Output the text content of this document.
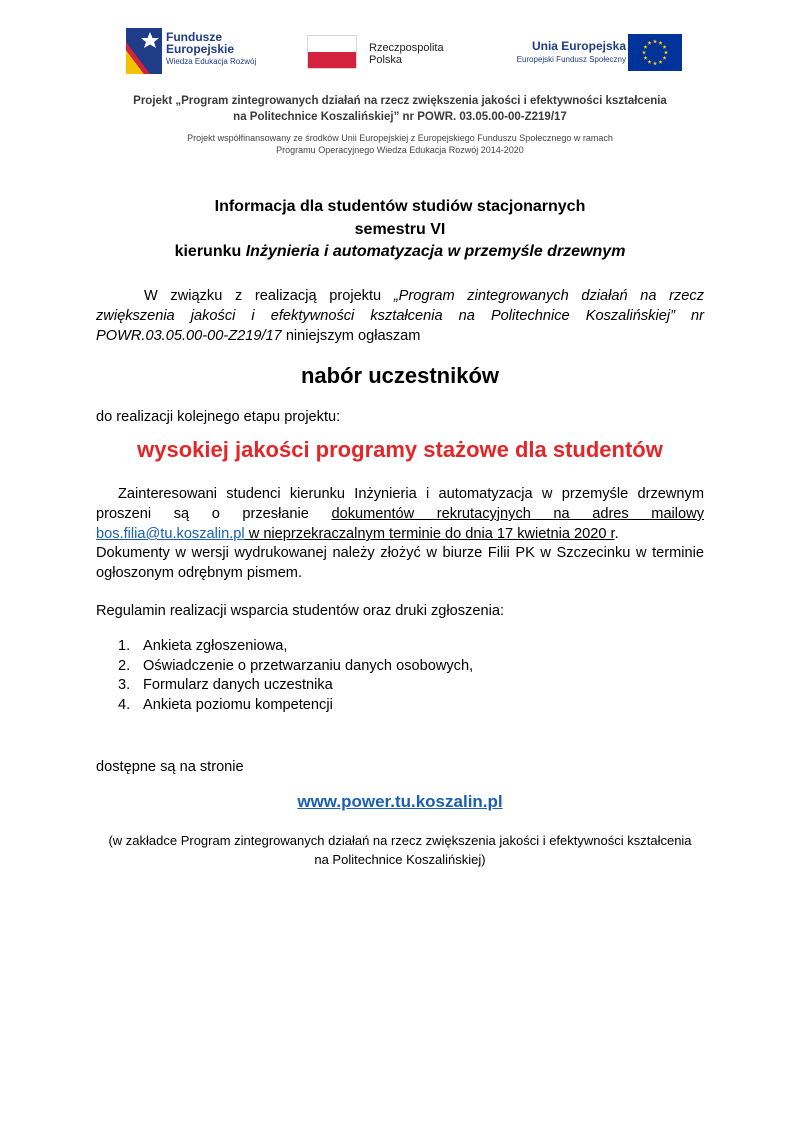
Fundusze
Europejskie
Wiedza Edukacja Rozwój
Rzeczpospolita
Polska
Unia Europejska
Europejski Fundusz Społeczny
Projekt „Program zintegrowanych działań na rzecz zwiększenia jakości i efektywności kształcenia
na Politechnice Koszalińskiej” nr POWR. 03.05.00-00-Z219/17
Projekt współfinansowany ze środków Unii Europejskiej z Europejskiego Funduszu Społecznego w ramach
Programu Operacyjnego Wiedza Edukacja Rozwój 2014-2020
Informacja dla studentów studiów stacjonarnych
semestru VI
kierunku Inżynieria i automatyzacja w przemyśle drzewnym
W związku z realizacją projektu „Program zintegrowanych działań na rzecz zwiększenia jakości i efektywności kształcenia na Politechnice Koszalińskiej” nr POWR.03.05.00-00-Z219/17 niniejszym ogłaszam
nabór uczestników
do realizacji kolejnego etapu projektu:
wysokiej jakości programy stażowe dla studentów
Zainteresowani studenci kierunku Inżynieria i automatyzacja w przemyśle drzewnym proszeni są o przesłanie dokumentów rekrutacyjnych na adres mailowy bos.filia@tu.koszalin.pl w nieprzekraczalnym terminie do dnia 17 kwietnia 2020 r.
Dokumenty w wersji wydrukowanej należy złożyć w biurze Filii PK w Szczecinku w terminie ogłoszonym odrębnym pismem.
Regulamin realizacji wsparcia studentów oraz druki zgłoszenia:
1. Ankieta zgłoszeniowa,
2. Oświadczenie o przetwarzaniu danych osobowych,
3. Formularz danych uczestnika
4. Ankieta poziomu kompetencji
dostępne są na stronie
www.power.tu.koszalin.pl
(w zakładce Program zintegrowanych działań na rzecz zwiększenia jakości i efektywności kształcenia
na Politechnice Koszalińskiej)
